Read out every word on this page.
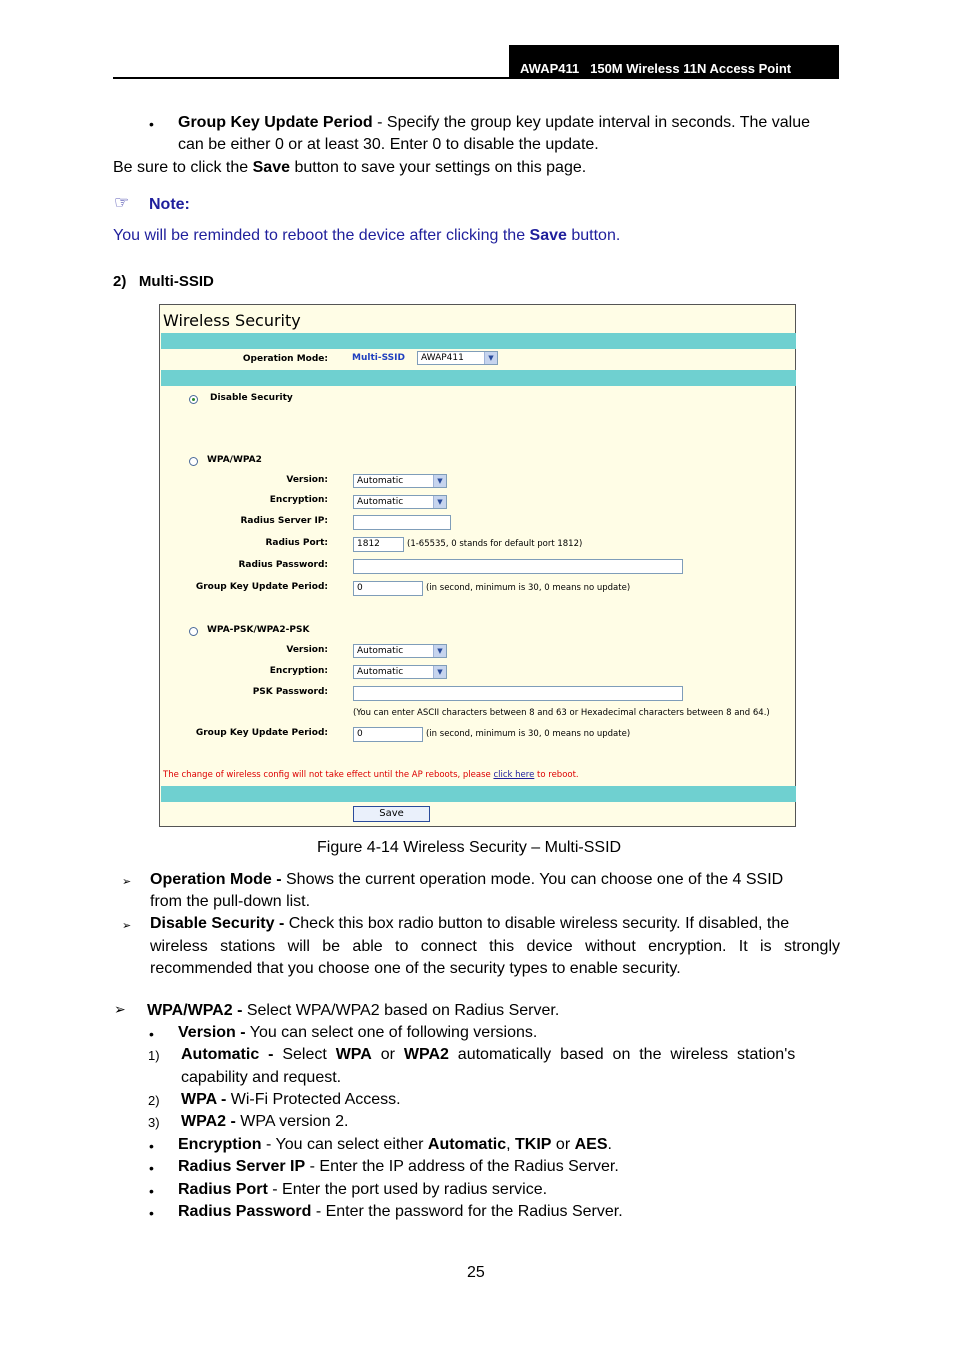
AWAP411 150M Wireless 11N Access Point
• Group Key Update Period - Specify the group key update interval in seconds. The value
can be either 0 or at least 30. Enter 0 to disable the update.
Be sure to click the Save button to save your settings on this page.
☞ Note:
You will be reminded to reboot the device after clicking the Save button.
2)   Multi-SSID
Wireless Security
Operation Mode:	Multi-SSID	AWAP411	▼
Disable Security
WPA/WPA2
Version:	Automatic	▼
Encryption:	Automatic	▼
Radius Server IP:
Radius Port:	1812	(1-65535, 0 stands for default port 1812)
Radius Password:
Group Key Update Period:	0	(in second, minimum is 30, 0 means no update)
WPA-PSK/WPA2-PSK
Version:	Automatic	▼
Encryption:	Automatic	▼
PSK Password:
(You can enter ASCII characters between 8 and 63 or Hexadecimal characters between 8 and 64.)
Group Key Update Period:	0	(in second, minimum is 30, 0 means no update)
The change of wireless config will not take effect until the AP reboots, please click here to reboot.
Save
Figure 4-14 Wireless Security – Multi-SSID
➢ Operation Mode - Shows the current operation mode. You can choose one of the 4 SSID
from the pull-down list.
➢ Disable Security - Check this box radio button to disable wireless security. If disabled, the
wireless stations will be able to connect this device without encryption. It is strongly
recommended that you choose one of the security types to enable security.
➢ WPA/WPA2 - Select WPA/WPA2 based on Radius Server.
• Version - You can select one of following versions.
1) Automatic  -  Select  WPA  or  WPA2  automatically  based  on  the  wireless  station's
capability and request.
2) WPA - Wi-Fi Protected Access.
3) WPA2 - WPA version 2.
• Encryption - You can select either Automatic, TKIP or AES.
• Radius Server IP - Enter the IP address of the Radius Server.
• Radius Port - Enter the port used by radius service.
• Radius Password - Enter the password for the Radius Server.
25
